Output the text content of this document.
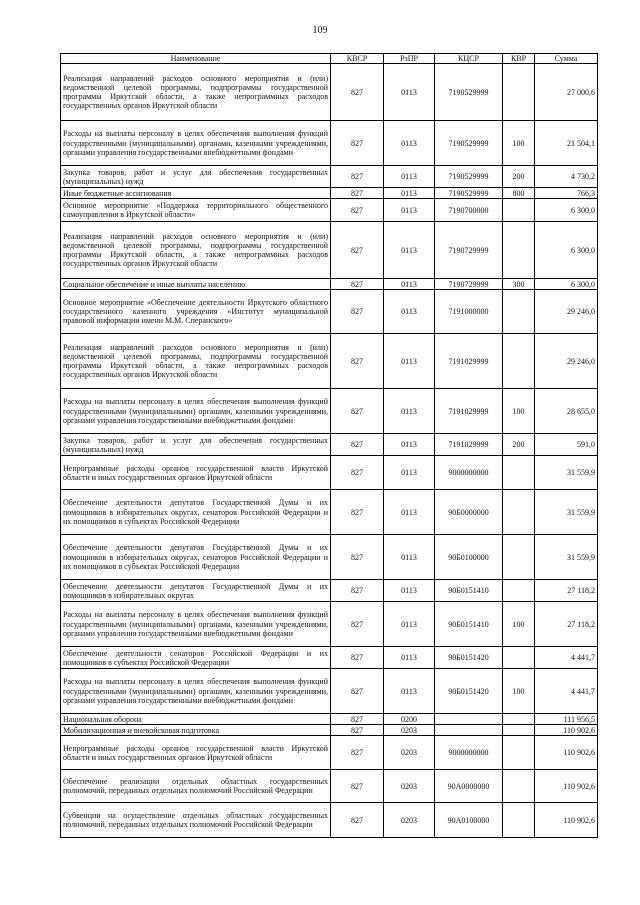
109
Наименование	КВСР	РзПР	КЦСР	КВР	Сумма
Реализация направлений расходов основного мероприятия и (или) ведомственной целевой программы, подпрограммы государственной программы Иркутской области, а также непрограммных расходов государственных органов Иркутской области	827	0113	7190529999		27 000,6
Расходы на выплаты персоналу в целях обеспечения выполнения функций государственными (муниципальными) органами, казенными учреждениями, органами управления государственными внебюджетными фондами	827	0113	7190529999	100	21 504,1
Закупка товаров, работ и услуг для обеспечения государственных (муниципальных) нужд	827	0113	7190529999	200	4 730,2
Иные бюджетные ассигнования	827	0113	7190529999	800	766,3
Основное мероприятие «Поддержка территориального общественного самоуправления в Иркутской области»	827	0113	7190700000		6 300,0
Реализация направлений расходов основного мероприятия и (или) ведомственной целевой программы, подпрограммы государственной программы Иркутской области, а также непрограммных расходов государственных органов Иркутской области	827	0113	7190729999		6 300,0
Социальное обеспечение и иные выплаты населению	827	0113	7190729999	300	6 300,0
Основное мероприятие «Обеспечение деятельности Иркутского областного государственного казенного учреждения «Институт муниципальной правовой информации имени М.М. Сперанского»	827	0113	7191000000		29 246,0
Реализация направлений расходов основного мероприятия и (или) ведомственной целевой программы, подпрограммы государственной программы Иркутской области, а также непрограммных расходов государственных органов Иркутской области	827	0113	7191029999		29 246,0
Расходы на выплаты персоналу в целях обеспечения выполнения функций государственными (муниципальными) органами, казенными учреждениями, органами управления государственными внебюджетными фондами	827	0113	7191029999	100	28 655,0
Закупка товаров, работ и услуг для обеспечения государственных (муниципальных) нужд	827	0113	7191029999	200	591,0
Непрограммные расходы органов государственной власти Иркутской области и иных государственных органов Иркутской области	827	0113	9000000000		31 559,9
Обеспечение деятельности депутатов Государственной Думы и их помощников в избирательных округах, сенаторов Российской Федерации и их помощников в субъектах Российской Федерации	827	0113	90Б0000000		31 559,9
Обеспечение деятельности депутатов Государственной Думы и их помощников в избирательных округах, сенаторов Российской Федерации и их помощников в субъектах Российской Федерации	827	0113	90Б0100000		31 559,9
Обеспечение деятельности депутатов Государственной Думы и их помощников в избирательных округах	827	0113	90Б0151410		27 118,2
Расходы на выплаты персоналу в целях обеспечения выполнения функций государственными (муниципальными) органами, казенными учреждениями, органами управления государственными внебюджетными фондами	827	0113	90Б0151410	100	27 118,2
Обеспечение деятельности сенаторов Российской Федерации и их помощников в субъектах Российской Федерации	827	0113	90Б0151420		4 441,7
Расходы на выплаты персоналу в целях обеспечения выполнения функций государственными (муниципальными) органами, казенными учреждениями, органами управления государственными внебюджетными фондами	827	0113	90Б0151420	100	4 441,7
Национальная оборона	827	0200			111 956,5
Мобилизационная и вневойсковая подготовка	827	0203			110 902,6
Непрограммные расходы органов государственной власти Иркутской области и иных государственных органов Иркутской области	827	0203	9000000000		110 902,6
Обеспечение реализации отдельных областных государственных полномочий, переданных отдельных полномочий Российской Федерации	827	0203	90А0000000		110 902,6
Субвенции на осуществление отдельных областных государственных полномочий, переданных отдельных полномочий Российской Федерации	827	0203	90А0100000		110 902,6
